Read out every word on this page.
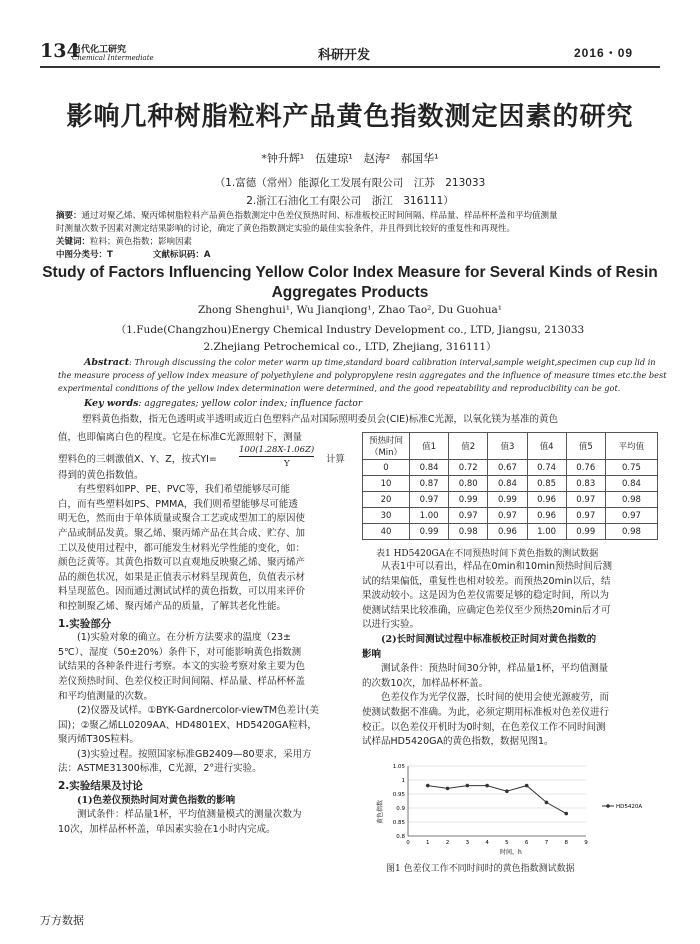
134
当代化工研究
Chemical Intermediate	科研开发	2016・09
影响几种树脂粒料产品黄色指数测定因素的研究
*钟升辉¹　伍建琼¹　赵涛²　郝国华¹
（1.富德（常州）能源化工发展有限公司　江苏　213033
2.浙江石油化工有限公司　浙江　316111）
摘要：通过对聚乙烯、聚丙烯树脂粒料产品黄色指数测定中色差仪预热时间、标准板校正时间间隔、样品量、样品杯杯盖和平均值测量
时测量次数予因素对测定结果影响的讨论，确定了黄色指数测定实验的最佳实验条件，并且得到比较好的重复性和再现性。
关键词：粒料；黄色指数；影响因素
中图分类号：T	文献标识码：A
Study of Factors Influencing Yellow Color Index Measure for Several Kinds of Resin
Aggregates Products
Zhong Shenghui¹, Wu Jianqiong¹, Zhao Tao², Du Guohua¹
（1.Fude(Changzhou)Energy Chemical Industry Development co., LTD, Jiangsu, 213033
2.Zhejiang Petrochemical co., LTD, Zhejiang, 316111）
Abstract: Through discussing the color meter warm up time,standard board calibration interval,sample weight,specimen cup cup lid in
the measure process of yellow index measure of polyethylene and polypropylene resin aggregates and the influence of measure times etc.the best
experimental conditions of the yellow index determination were determined, and the good repeatability and reproducibility can be got.
Key words: aggregates; yellow color index; influence factor
塑料黄色指数，指无色透明或半透明或近白色塑料产品对国际照明委员会(CIE)标准C光源，以氧化镁为基准的黄色
值，也即偏离白色的程度。它是在标准C光源照射下，测量
塑料色的三刺激值X、Y、Z，按式YI=
100(1.28X-1.06Z)
Y	计算
得到的黄色指数值。
有些塑料如PP、PE、PVC等，我们希望能够尽可能
白，而有些塑料如PS、PMMA，我们则希望能够尽可能透
明无色，然而由于单体质量或聚合工艺或成型加工的原因使
产品或制品发黄。聚乙烯、聚丙烯产品在其合成、贮存、加
工以及使用过程中，都可能发生材料光学性能的变化，如：
颜色泛黄等。其黄色指数可以直观地反映聚乙烯、聚丙烯产
品的颜色状况，如果是正值表示材料呈现黄色，负值表示材
料呈现蓝色。因而通过测试试样的黄色指数，可以用来评价
和控制聚乙烯、聚丙烯产品的质量，了解其老化性能。
1.实验部分
(1)实验对象的确立。在分析方法要求的温度（23±
5℃）、湿度（50±20%）条件下，对可能影响黄色指数测
试结果的各种条件进行考察。本文的实验考察对象主要为色
差仪预热时间、色差仪校正时间间隔、样品量、样品杯杯盖
和平均值测量的次数。
(2)仪器及试样。①BYK-Gardnercolor-viewTM色差计(美
国)；②聚乙烯LL0209AA、HD4801EX、HD5420GA粒料，
聚丙烯T30S粒料。
(3)实验过程。按照国家标准GB2409—80要求，采用方
法：ASTME31300标准，C光源，2°进行实验。
2.实验结果及讨论
(1)色差仪预热时间对黄色指数的影响
测试条件：样品量1杯，平均值测量模式的测量次数为
10次，加样品杯杯盖，单因素实验在1小时内完成。
预热时间（Min）	值1	值2	值3	值4	值5	平均值
0	0.84	0.72	0.67	0.74	0.76	0.75
10	0.87	0.80	0.84	0.85	0.83	0.84
20	0.97	0.99	0.99	0.96	0.97	0.98
30	1.00	0.97	0.97	0.96	0.97	0.97
40	0.99	0.98	0.96	1.00	0.99	0.98
表1 HD5420GA在不同预热时间下黄色指数的测试数据
从表1中可以看出，样品在0min和10min预热时间后测
试的结果偏低，重复性也相对较差。而预热20min以后，结
果波动较小。这是因为色差仪需要足够的稳定时间，所以为
使测试结果比较准确，应确定色差仪至少预热20min后才可
以进行实验。
(2)长时间测试过程中标准板校正时间对黄色指数的
影响
测试条件：预热时间30分钟，样品量1杯，平均值测量
的次数10次，加样品杯杯盖。
色差仪作为光学仪器，长时间的使用会使光源疲劳，而
使测试数据不准确。为此，必须定期用标准板对色差仪进行
校正。以色差仪开机时为0时刻，在色差仪工作不同时间测
试样品HD5420GA的黄色指数，数据见图1。
0.8
0.85
0.9
0.95
1
1.05
0	1	2	3	4	5	6	7	8	9
黄色指数
时间，h
HD5420A
图1 色差仪工作不同时间时的黄色指数测试数据
万方数据
